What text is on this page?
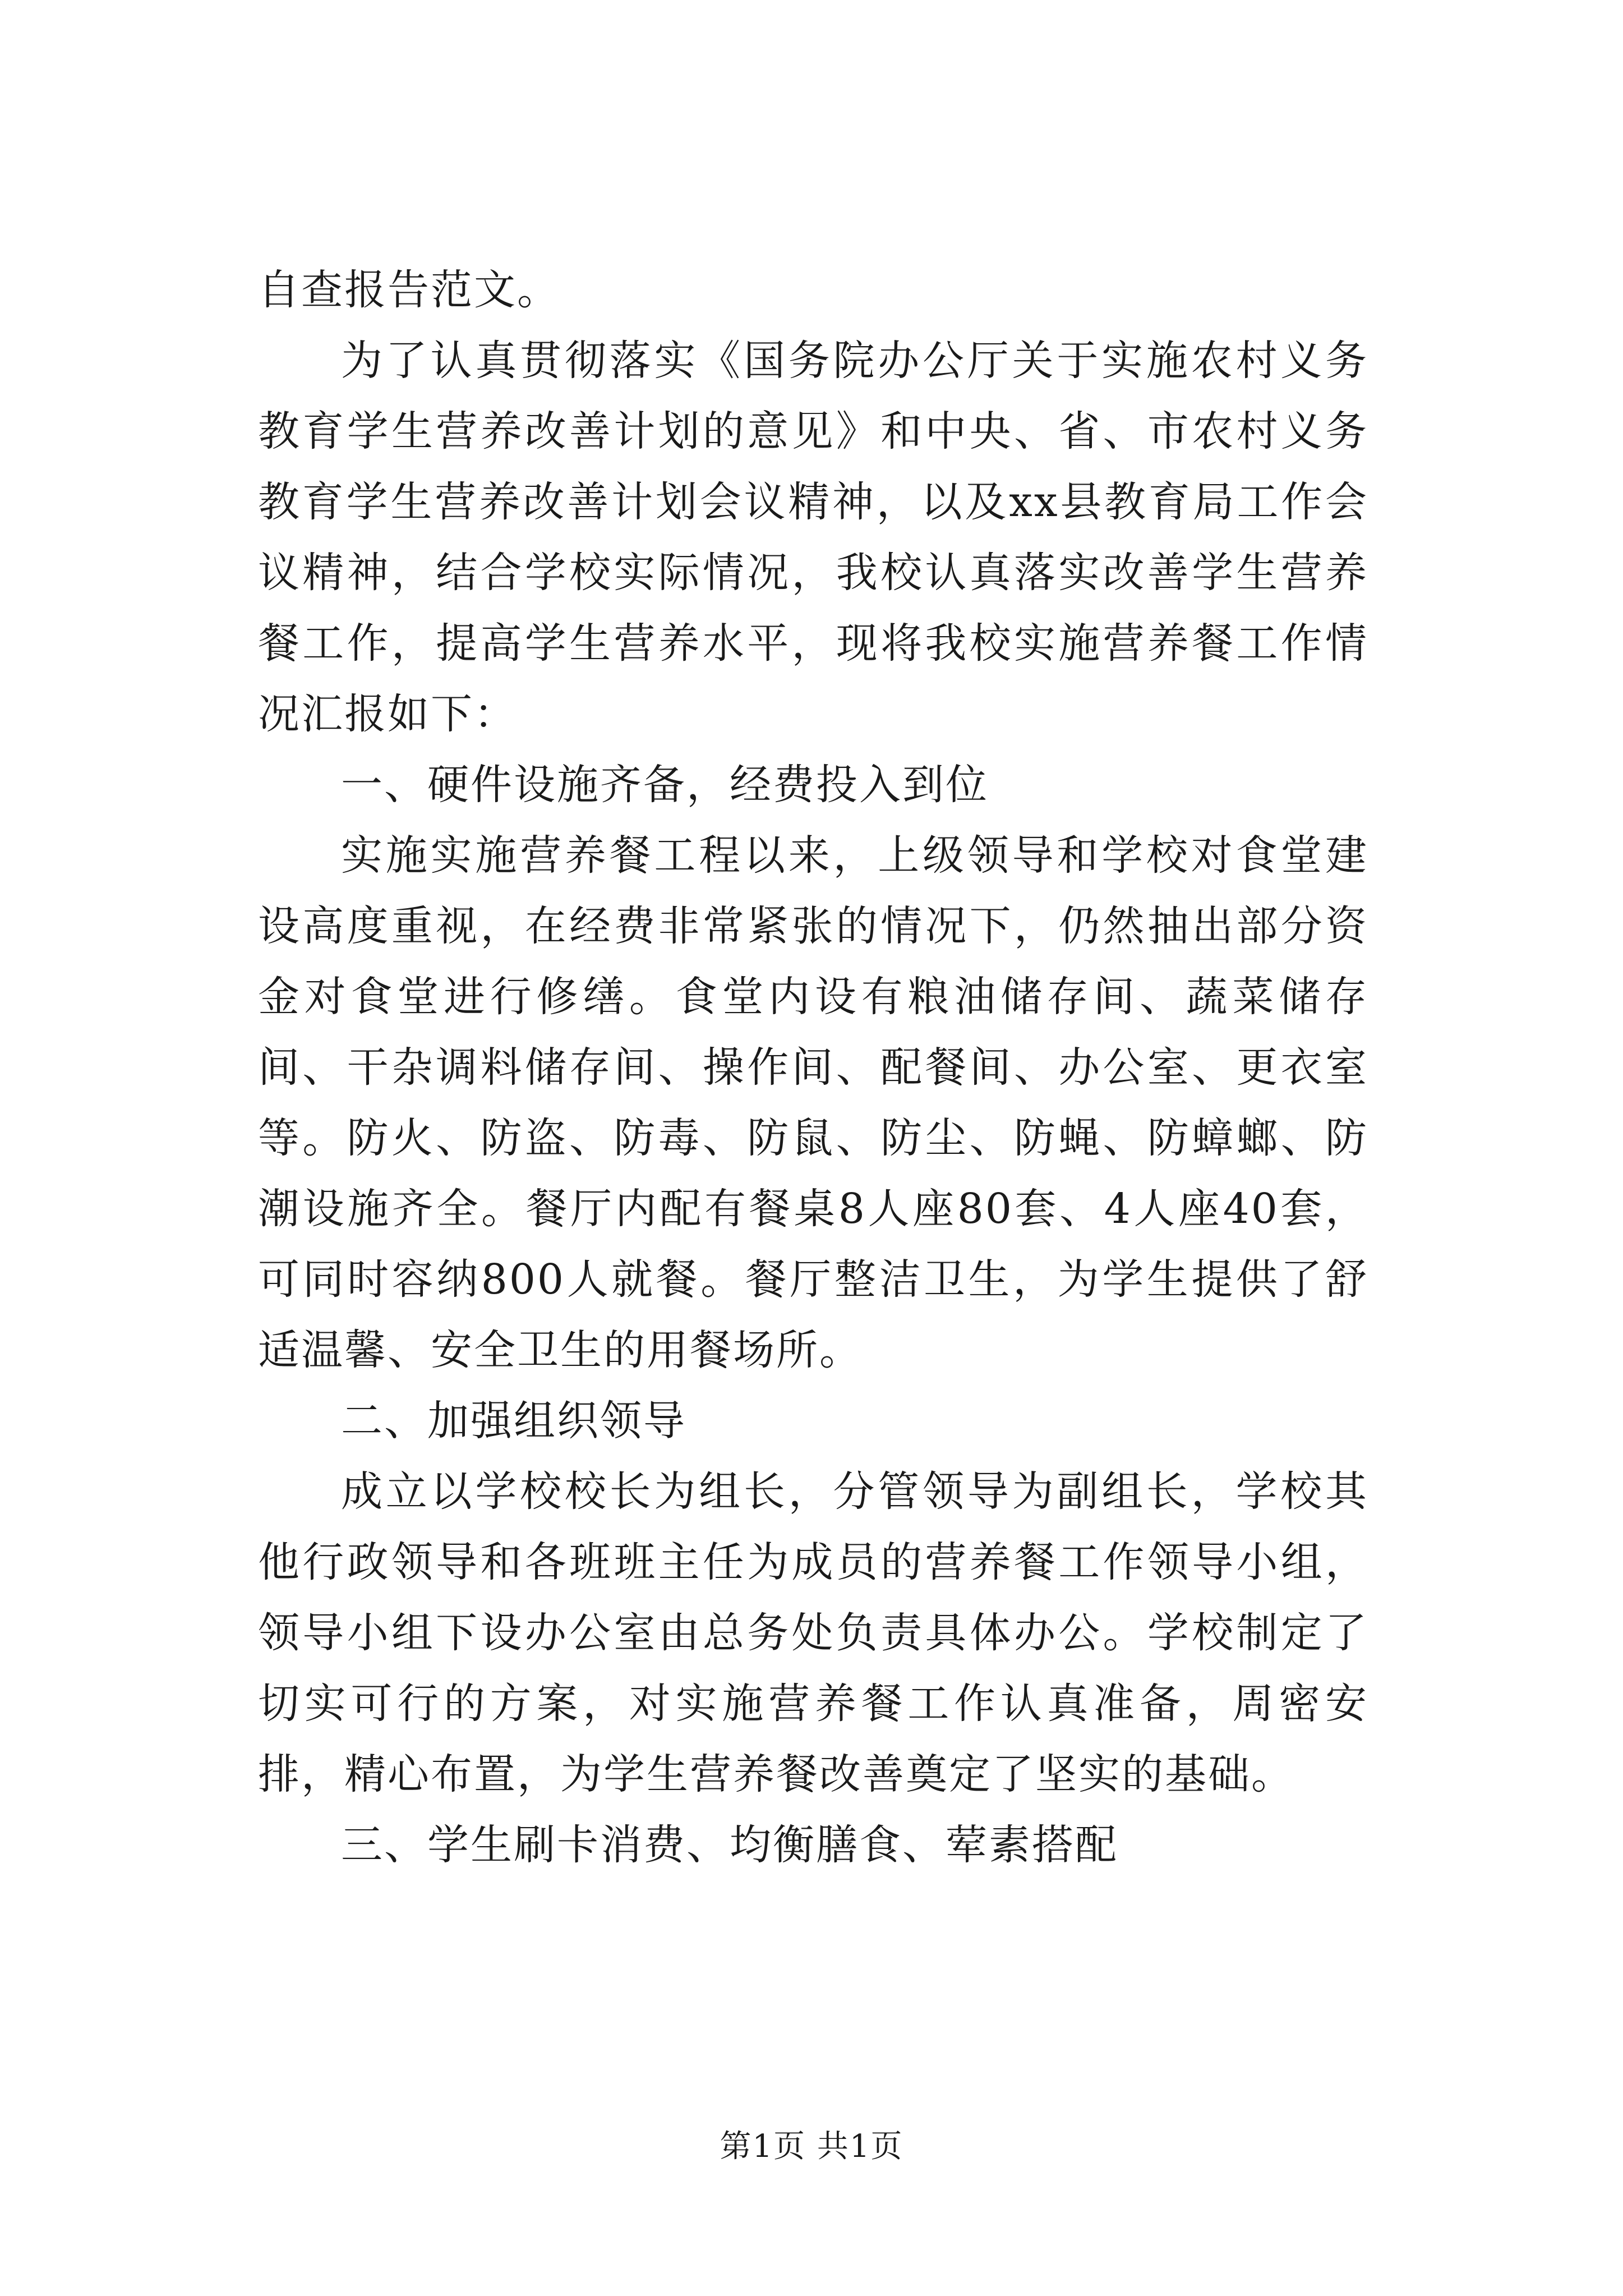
自查报告范文。

为了认真贯彻落实《国务院办公厅关于实施农村义务教育学生营养改善计划的意见》和中央、省、市农村义务教育学生营养改善计划会议精神，以及xx县教育局工作会议精神，结合学校实际情况，我校认真落实改善学生营养餐工作，提高学生营养水平，现将我校实施营养餐工作情况汇报如下：

一、硬件设施齐备，经费投入到位

实施实施营养餐工程以来，上级领导和学校对食堂建设高度重视，在经费非常紧张的情况下，仍然抽出部分资金对食堂进行修缮。食堂内设有粮油储存间、蔬菜储存间、干杂调料储存间、操作间、配餐间、办公室、更衣室等。防火、防盗、防毒、防鼠、防尘、防蝇、防蟑螂、防潮设施齐全。餐厅内配有餐桌8人座80套、4人座40套，可同时容纳800人就餐。餐厅整洁卫生，为学生提供了舒适温馨、安全卫生的用餐场所。

二、加强组织领导

成立以学校校长为组长，分管领导为副组长，学校其他行政领导和各班班主任为成员的营养餐工作领导小组，领导小组下设办公室由总务处负责具体办公。学校制定了切实可行的方案，对实施营养餐工作认真准备，周密安排，精心布置，为学生营养餐改善奠定了坚实的基础。

三、学生刷卡消费、均衡膳食、荤素搭配

第1页 共1页
